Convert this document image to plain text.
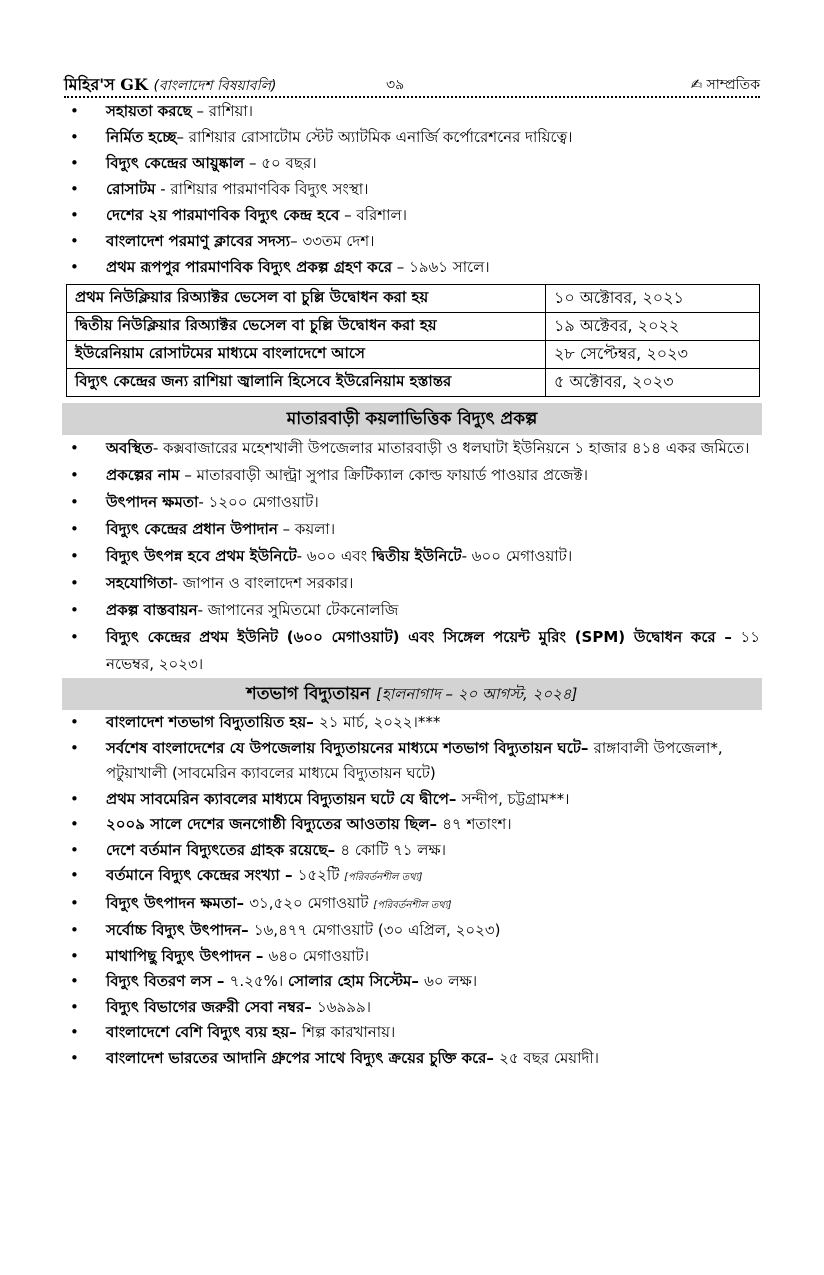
মিহির'স GK (বাংলাদেশ বিষয়াবলি)	৩৯	✍ সাম্প্রতিক
• সহায়তা করছে – রাশিয়া।
• নির্মিত হচ্ছে– রাশিয়ার রোসাটোম স্টেট অ্যাটমিক এনার্জি কর্পোরেশনের দায়িত্বে।
• বিদ্যুৎ কেন্দ্রের আয়ুষ্কাল – ৫০ বছর।
• রোসাটম - রাশিয়ার পারমাণবিক বিদ্যুৎ সংস্থা।
• দেশের ২য় পারমাণবিক বিদ্যুৎ কেন্দ্র হবে – বরিশাল।
• বাংলাদেশ পরমাণু ক্লাবের সদস্য– ৩৩তম দেশ।
• প্রথম রূপপুর পারমাণবিক বিদ্যুৎ প্রকল্প গ্রহণ করে – ১৯৬১ সালে।
প্রথম নিউক্লিয়ার রিঅ্যাক্টর ভেসেল বা চুল্লি উদ্বোধন করা হয়	১০ অক্টোবর, ২০২১
দ্বিতীয় নিউক্লিয়ার রিঅ্যাক্টর ভেসেল বা চুল্লি উদ্বোধন করা হয়	১৯ অক্টেবর, ২০২২
ইউরেনিয়াম রোসাটমের মাধ্যমে বাংলাদেশে আসে	২৮ সেপ্টেম্বর, ২০২৩
বিদ্যুৎ কেন্দ্রের জন্য রাশিয়া জ্বালানি হিসেবে ইউরেনিয়াম হস্তান্তর	৫ অক্টোবর, ২০২৩
মাতারবাড়ী কয়লাভিত্তিক বিদ্যুৎ প্রকল্প
• অবস্থিত- কক্সবাজারের মহেশখালী উপজেলার মাতারবাড়ী ও ধলঘাটা ইউনিয়নে ১ হাজার ৪১৪ একর জমিতে।
• প্রকল্পের নাম – মাতারবাড়ী আল্ট্রা সুপার ক্রিটিক্যাল কোল্ড ফায়ার্ড পাওয়ার প্রজেক্ট।
• উৎপাদন ক্ষমতা- ১২০০ মেগাওয়াট।
• বিদ্যুৎ কেন্দ্রের প্রধান উপাদান – কয়লা।
• বিদ্যুৎ উৎপন্ন হবে প্রথম ইউনিটে- ৬০০ এবং দ্বিতীয় ইউনিটে- ৬০০ মেগাওয়াট।
• সহযোগিতা- জাপান ও বাংলাদেশ সরকার।
• প্রকল্প বাস্তবায়ন- জাপানের সুমিতমো টেকনোলজি
• বিদ্যুৎ কেন্দ্রের প্রথম ইউনিট (৬০০ মেগাওয়াট) এবং সিঙ্গেল পয়েন্ট মুরিং (SPM) উদ্বোধন করে – ১১ নভেম্বর, ২০২৩।
শতভাগ বিদ্যুতায়ন [হালনাগাদ – ২০ আগস্ট, ২০২৪]
• বাংলাদেশ শতভাগ বিদ্যুতায়িত হয়– ২১ মার্চ, ২০২২।***
• সর্বশেষ বাংলাদেশের যে উপজেলায় বিদ্যুতায়নের মাধ্যমে শতভাগ বিদ্যুতায়ন ঘটে– রাঙ্গাবালী উপজেলা*, পটুয়াখালী (সাবমেরিন ক্যাবলের মাধ্যমে বিদ্যুতায়ন ঘটে)
• প্রথম সাবমেরিন ক্যাবলের মাধ্যমে বিদ্যুতায়ন ঘটে যে দ্বীপে– সন্দীপ, চট্টগ্রাম**।
• ২০০৯ সালে দেশের জনগোষ্ঠী বিদ্যুতের আওতায় ছিল– ৪৭ শতাংশ।
• দেশে বর্তমান বিদ্যুৎতের গ্রাহক রয়েছে– ৪ কোটি ৭১ লক্ষ।
• বর্তমানে বিদ্যুৎ কেন্দ্রের সংখ্যা – ১৫২টি [পরিবর্তনশীল তথ্য]
• বিদ্যুৎ উৎপাদন ক্ষমতা– ৩১,৫২০ মেগাওয়াট [পরিবর্তনশীল তথ্য]
• সর্বোচ্চ বিদ্যুৎ উৎপাদন– ১৬,৪৭৭ মেগাওয়াট (৩০ এপ্রিল, ২০২৩)
• মাথাপিছু বিদ্যুৎ উৎপাদন – ৬৪০ মেগাওয়াট।
• বিদ্যুৎ বিতরণ লস – ৭.২৫%। সোলার হোম সিস্টেম– ৬০ লক্ষ।
• বিদ্যুৎ বিভাগের জরুরী সেবা নম্বর– ১৬৯৯৯।
• বাংলাদেশে বেশি বিদ্যুৎ ব্যয় হয়– শিল্প কারখানায়।
• বাংলাদেশ ভারতের আদানি গ্রুপের সাথে বিদ্যুৎ ক্রয়ের চুক্তি করে– ২৫ বছর মেয়াদী।
